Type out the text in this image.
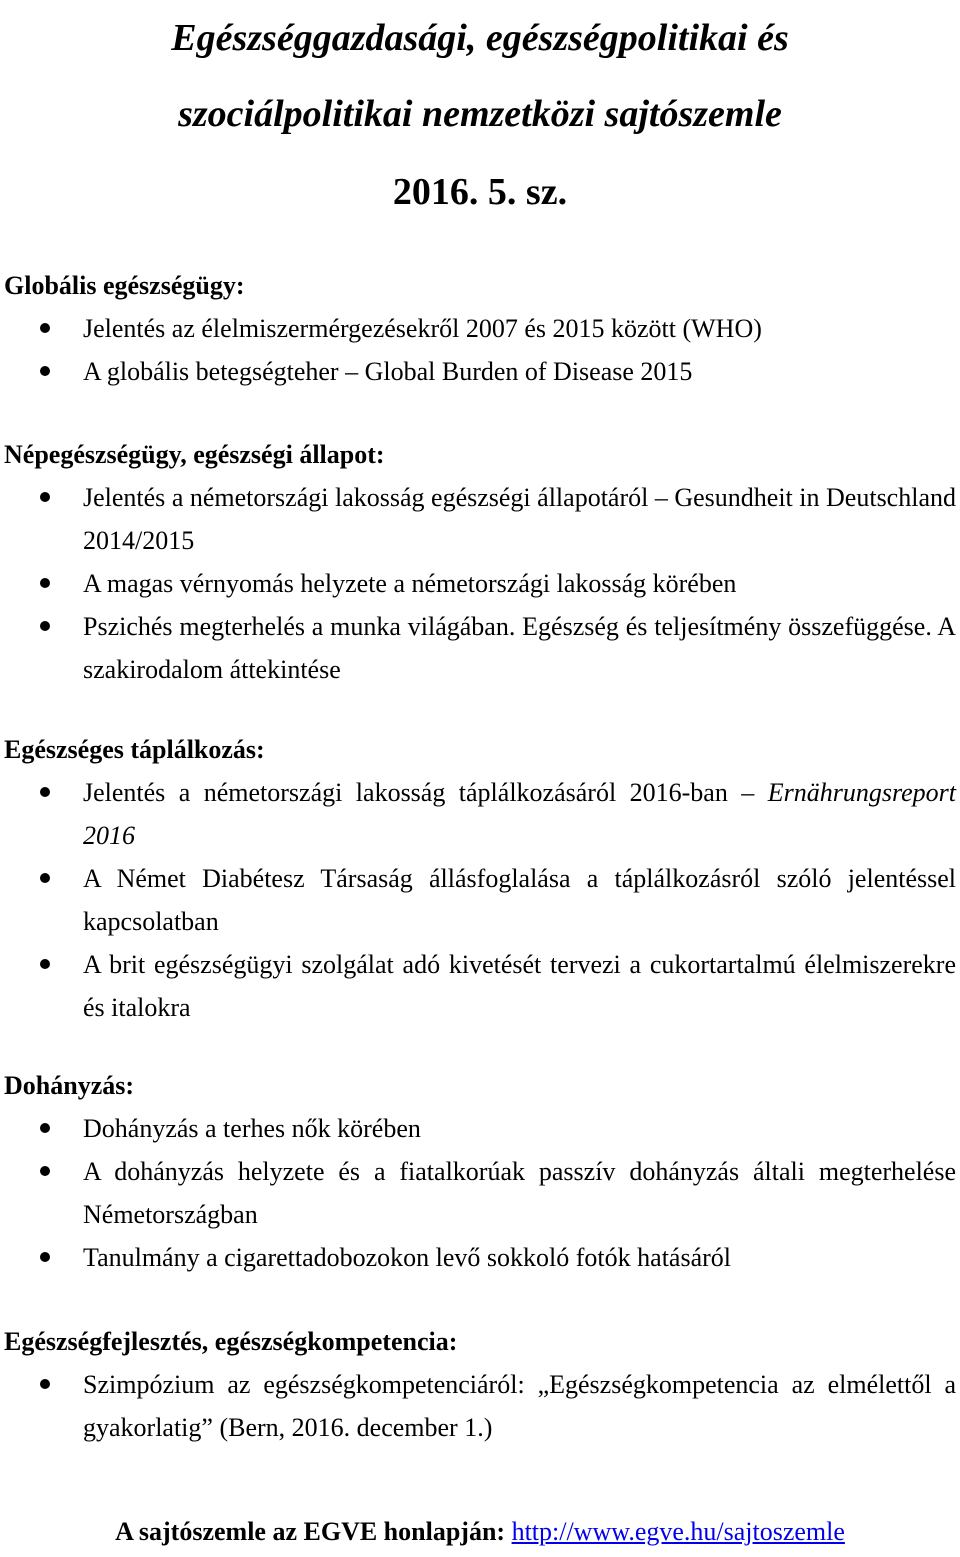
Egészséggazdasági, egészségpolitikai és
szociálpolitikai nemzetközi sajtószemle
2016. 5. sz.
Globális egészségügy:
Jelentés az élelmiszermérgezésekről 2007 és 2015 között (WHO)
A globális betegségteher – Global Burden of Disease 2015
Népegészségügy, egészségi állapot:
Jelentés a németországi lakosság egészségi állapotáról – Gesundheit in Deutschland 2014/2015
A magas vérnyomás helyzete a németországi lakosság körében
Pszichés megterhelés a munka világában. Egészség és teljesítmény összefüggése. A szakirodalom áttekintése
Egészséges táplálkozás:
Jelentés a németországi lakosság táplálkozásáról 2016-ban – Ernährungsreport 2016
A Német Diabétesz Társaság állásfoglalása a táplálkozásról szóló jelentéssel kapcsolatban
A brit egészségügyi szolgálat adó kivetését tervezi a cukortartalmú élelmiszerekre és italokra
Dohányzás:
Dohányzás a terhes nők körében
A dohányzás helyzete és a fiatalkorúak passzív dohányzás általi megterhelése Németországban
Tanulmány a cigarettadobozokon levő sokkoló fotók hatásáról
Egészségfejlesztés, egészségkompetencia:
Szimpózium az egészségkompetenciáról: „Egészségkompetencia az elmélettől a gyakorlatig” (Bern, 2016. december 1.)
A sajtószemle az EGVE honlapján: http://www.egve.hu/sajtoszemle
